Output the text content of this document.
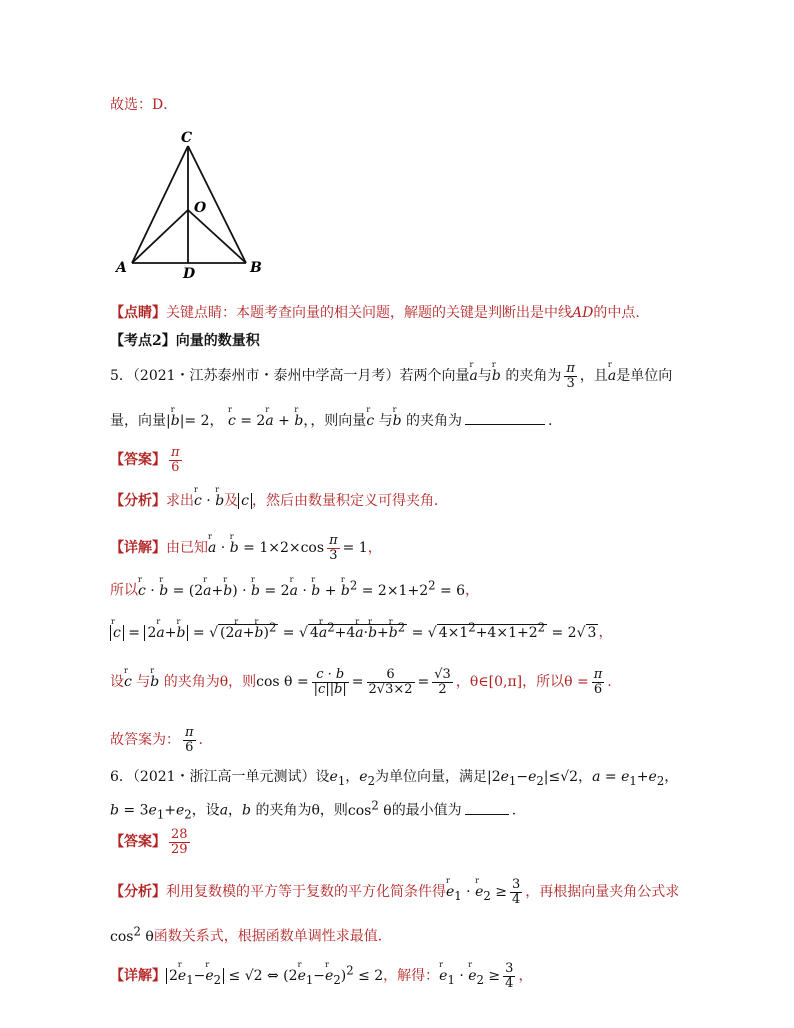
故选：D．
C
O
A	D	B
【点睛】关键点睛：本题考查向量的相关问题，解题的关键是判断出是中线AD的中点.
【考点2】向量的数量积
5．（2021・江苏泰州市・泰州中学高一月考）若两个向量r a与r b 的夹角为 $\frac{\pi}{3}$ ，且r a是单位向
量，向量|r b|= 2， r c = 2r a + r b，，则向量r c 与r b 的夹角为	.
【答案】 $\frac{\pi}{6}$
【分析】求出r c · r b及 c ，然后由数量积定义可得夹角．
【详解】由已知r a · r $b = 1\times 2\times\cos \frac{\pi}{3} = 1$，
所以r c · r b = (2r a+r b) · r b = 2r a · r b + r $b^2 = 2\times 1+2^2 = 6$，
r c = 2r a+r b = √ (2r a+r b)$^2$ = √ 4r $a^2+4r$ a·r b+r $b^2$ = √ $4\times 1^2+4\times 1+2^2 = 2√$ 3 ，
设r c 与r b 的夹角为θ，则$\cos \theta = \frac{c \cdot b}{|c||b|} = \frac{6}{2√3\times 2} = \frac{√3}{2}$ ，θ∈[0,π]，所以$\theta = \frac{\pi}{6}$ .
故答案为： $\frac{\pi}{6}$ .
6．（2021・浙江高一单元测试）设$e_1$，$e_2$为单位向量，满足$|2e_1-e_2|\le√2$，$a = e_1+e_2$，
$b = 3e_1+e_2$，设a，b 的夹角为θ，则$\cos^2 \theta$的最小值为	.
【答案】 $\frac{28}{29}$
【分析】利用复数模的平方等于复数的平方化简条件得r $e_1 \cdot r$ $e_2 \ge \frac{3}{4}$ ，再根据向量夹角公式求
$\cos^2 \theta$函数关系式，根据函数单调性求最值．
【详解】 2r $e_1-r$ $e_2 \le √2$ ⇔ (2r $e_1-r$ $e_2)^2 \le 2$，解得：r $e_1 \cdot r$ $e_2 \ge \frac{3}{4}$ ，
